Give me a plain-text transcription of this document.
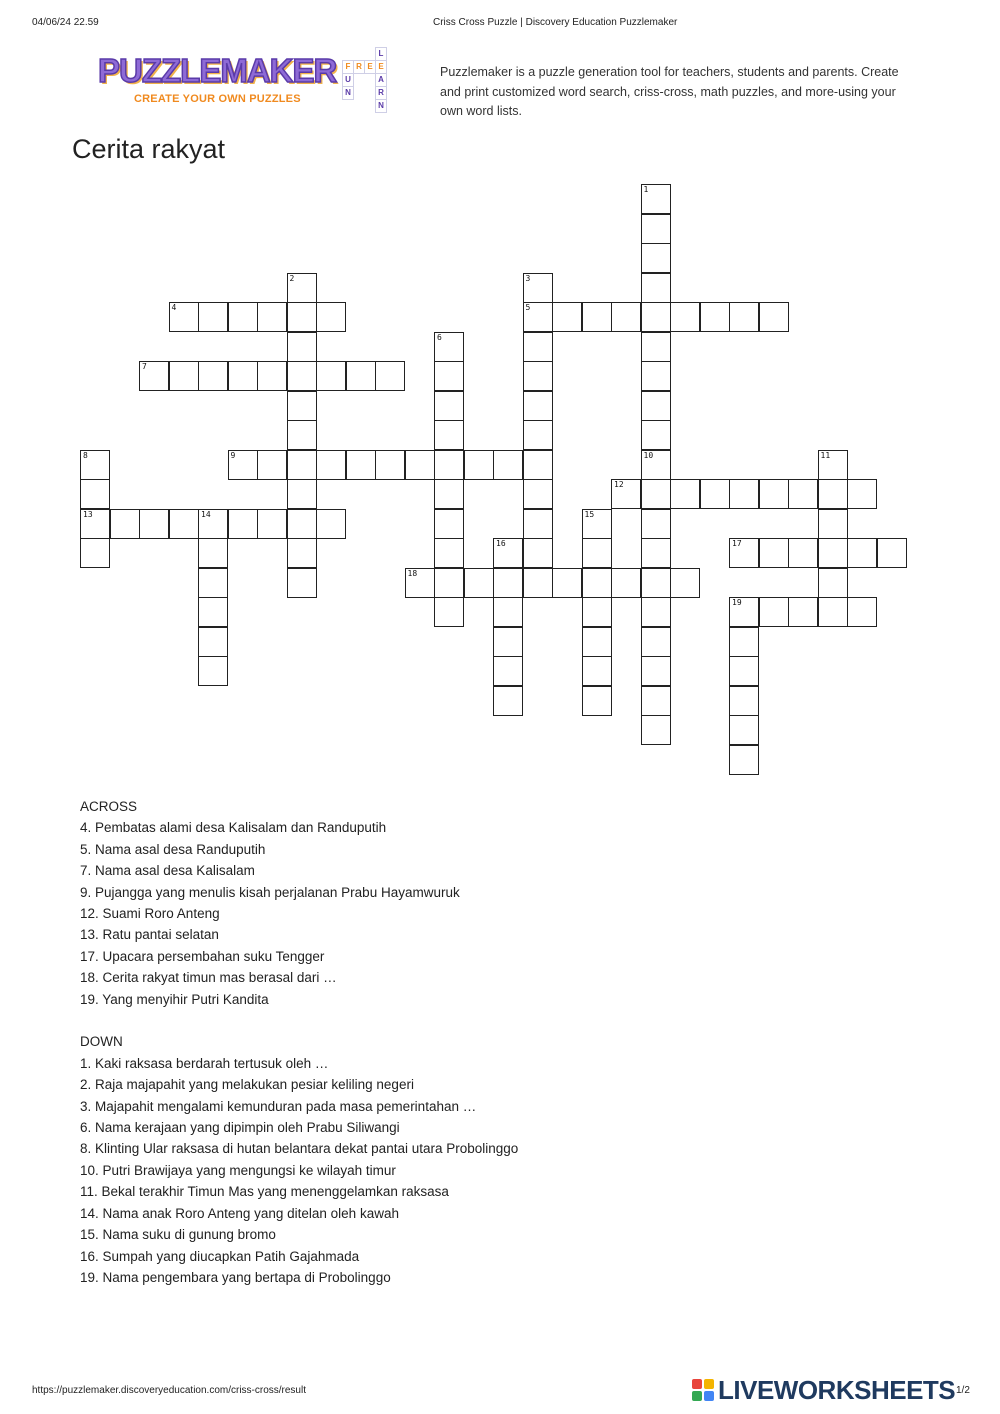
04/06/24 22.59	Criss Cross Puzzle | Discovery Education Puzzlemaker
PUZZLEMAKER
CREATE YOUR OWN PUZZLES
F R E E
L
U
N
A
R
N
Puzzlemaker is a puzzle generation tool for teachers, students and parents. Create and print customized word search, criss-cross, math puzzles, and more-using your own word lists.
Cerita rakyat
1
10
2	3
5
4
6
7
8
13
9	11
12
14	15
16	17
18
19
ACROSS
4. Pembatas alami desa Kalisalam dan Randuputih
5. Nama asal desa Randuputih
7. Nama asal desa Kalisalam
9. Pujangga yang menulis kisah perjalanan Prabu Hayamwuruk
12. Suami Roro Anteng
13. Ratu pantai selatan
17. Upacara persembahan suku Tengger
18. Cerita rakyat timun mas berasal dari …
19. Yang menyihir Putri Kandita
DOWN
1. Kaki raksasa berdarah tertusuk oleh …
2. Raja majapahit yang melakukan pesiar keliling negeri
3. Majapahit mengalami kemunduran pada masa pemerintahan …
6. Nama kerajaan yang dipimpin oleh Prabu Siliwangi
8. Klinting Ular raksasa di hutan belantara dekat pantai utara Probolinggo
10. Putri Brawijaya yang mengungsi ke wilayah timur
11. Bekal terakhir Timun Mas yang menenggelamkan raksasa
14. Nama anak Roro Anteng yang ditelan oleh kawah
15. Nama suku di gunung bromo
16. Sumpah yang diucapkan Patih Gajahmada
19. Nama pengembara yang bertapa di Probolinggo
https://puzzlemaker.discoveryeducation.com/criss-cross/result	LIVEWORKSHEETS 1/2
